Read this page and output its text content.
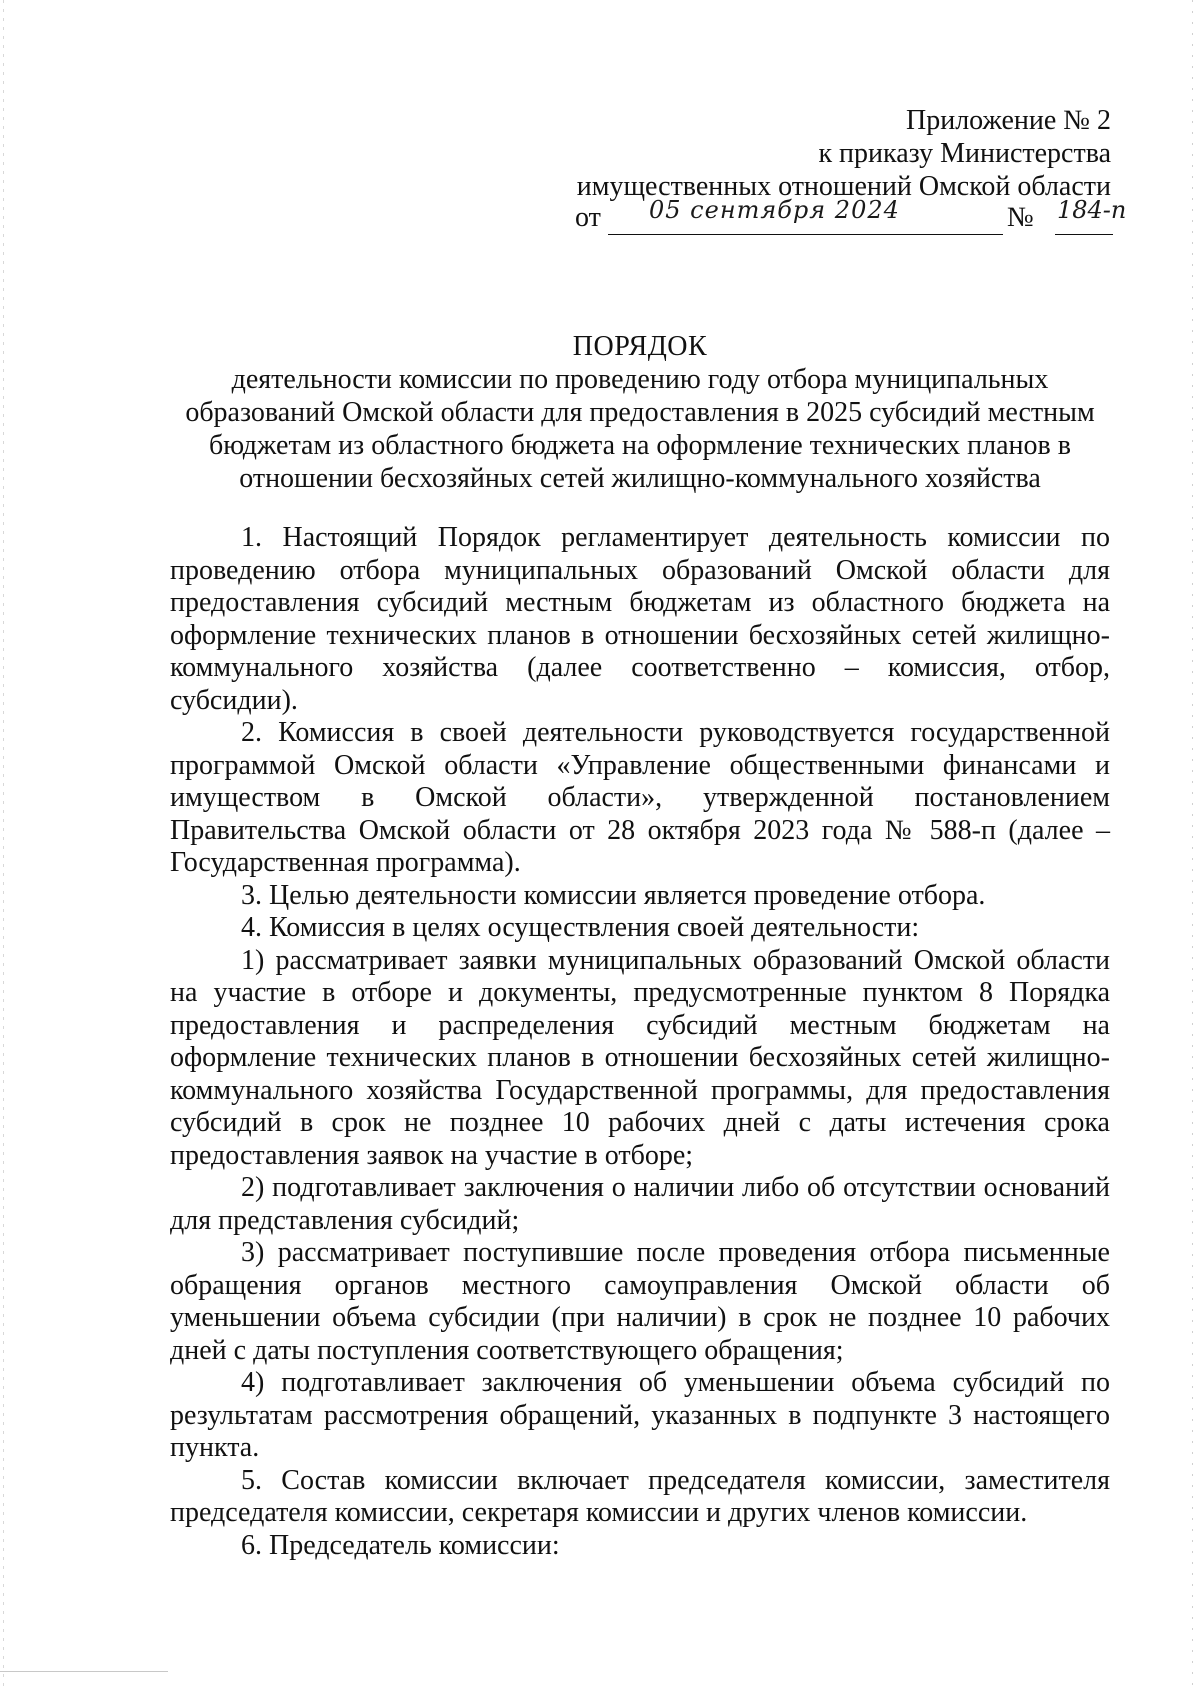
Приложение № 2
к приказу Министерства
имущественных отношений Омской области
от 05 сентября 2024	№ 184-п
ПОРЯДОК
деятельности комиссии по проведению году отбора муниципальных образований Омской области для предоставления в 2025 субсидий местным бюджетам из областного бюджета на оформление технических планов в отношении бесхозяйных сетей жилищно-коммунального хозяйства

1. Настоящий Порядок регламентирует деятельность комиссии по проведению отбора муниципальных образований Омской области для предоставления субсидий местным бюджетам из областного бюджета на оформление технических планов в отношении бесхозяйных сетей жилищно-коммунального хозяйства (далее соответственно – комиссия, отбор, субсидии).

2. Комиссия в своей деятельности руководствуется государственной программой Омской области «Управление общественными финансами и имуществом в Омской области», утвержденной постановлением Правительства Омской области от 28 октября 2023 года № 588-п (далее – Государственная программа).

3. Целью деятельности комиссии является проведение отбора.

4. Комиссия в целях осуществления своей деятельности:

1) рассматривает заявки муниципальных образований Омской области на участие в отборе и документы, предусмотренные пунктом 8 Порядка предоставления и распределения субсидий местным бюджетам на оформление технических планов в отношении бесхозяйных сетей жилищно-коммунального хозяйства Государственной программы, для предоставления субсидий в срок не позднее 10 рабочих дней с даты истечения срока предоставления заявок на участие в отборе;

2) подготавливает заключения о наличии либо об отсутствии оснований для представления субсидий;

3) рассматривает поступившие после проведения отбора письменные обращения органов местного самоуправления Омской области об уменьшении объема субсидии (при наличии) в срок не позднее 10 рабочих дней с даты поступления соответствующего обращения;

4) подготавливает заключения об уменьшении объема субсидий по результатам рассмотрения обращений, указанных в подпункте 3 настоящего пункта.

5. Состав комиссии включает председателя комиссии, заместителя председателя комиссии, секретаря комиссии и других членов комиссии.

6. Председатель комиссии:
